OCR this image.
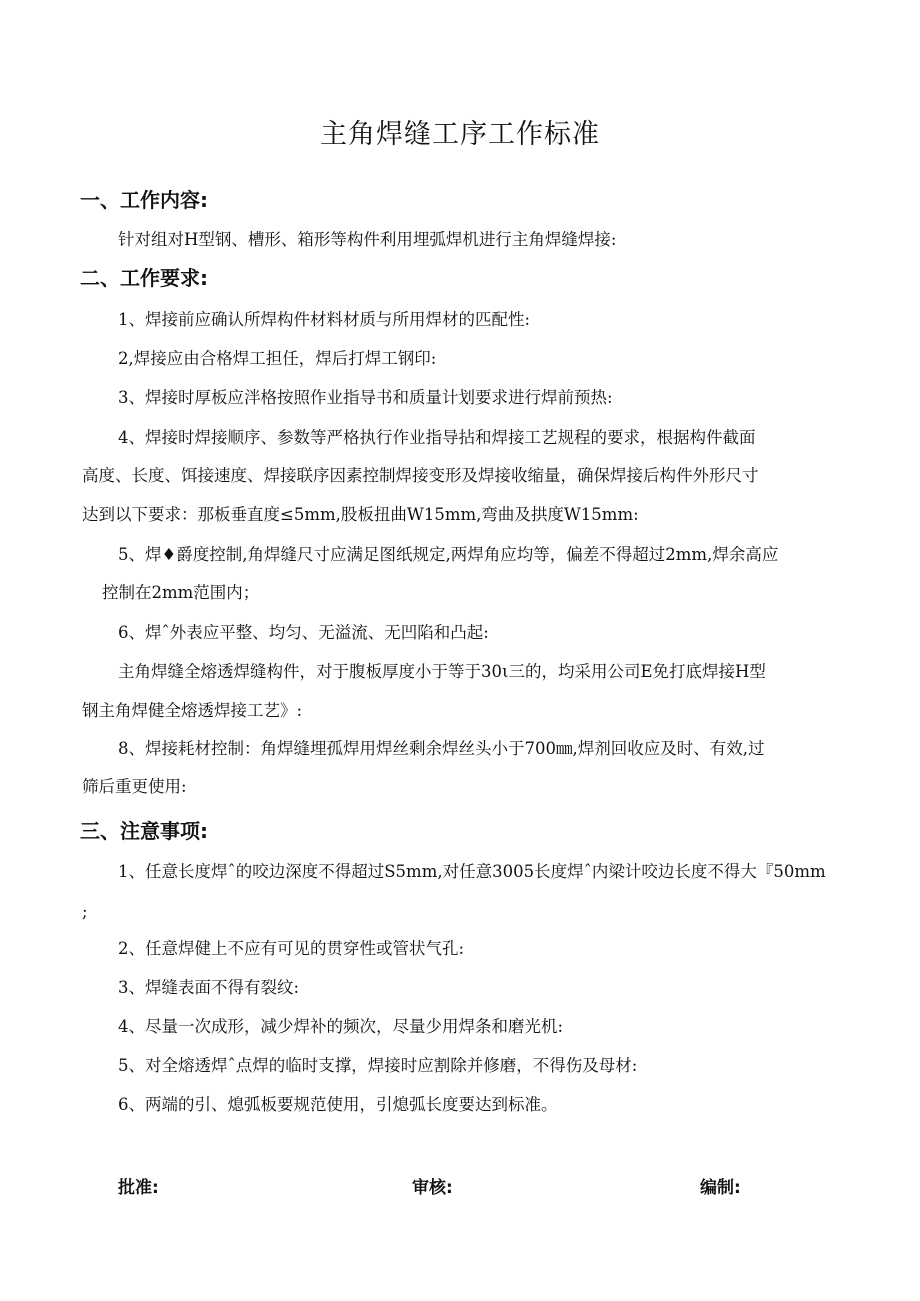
主角焊缝工序工作标准
一、工作内容:

针对组对H型钢、槽形、箱形等构件利用埋弧焊机进行主角焊缝焊接:

二、工作要求:

1、焊接前应确认所焊构件材料材质与所用焊材的匹配性:

2,焊接应由合格焊工担任，焊后打焊工钢印:

3、焊接时厚板应泮格按照作业指导书和质量计划要求进行焊前预热:

4、焊接时焊接顺序、参数等严格执行作业指导拈和焊接工艺规程的要求，根据构件截面

高度、长度、饵接速度、焊接联序因素控制焊接变形及焊接收缩量，确保焊接后构件外形尺寸

达到以下要求：那板垂直度≤5mm,股板扭曲W15mm,弯曲及拱度W15mm:

5、焊♦爵度控制,角焊缝尺寸应满足图纸规定,两焊角应均等，偏差不得超过2mm,焊余高应

控制在2mm范围内；

6、焊ˆ外表应平整、均匀、无溢流、无凹陷和凸起:

主角焊缝全熔透焊缝构件，对于腹板厚度小于等于30ι三的，均采用公司E免打底焊接H型

钢主角焊健全熔透焊接工艺》:

8、焊接耗材控制：角焊缝埋孤焊用焊丝剩余焊丝头小于700㎜,焊剂回收应及时、有效,过

筛后重更使用:

三、注意事项:

1、任意长度焊ˆ的咬边深度不得超过S5mm,对任意3005长度焊ˆ内梁计咬边长度不得大『50mm

;

2、任意焊健上不应有可见的贯穿性或管状气孔:

3、焊缝表面不得有裂纹:

4、尽量一次成形，减少焊补的频次，尽量少用焊条和磨光机:

5、对全熔透焊ˆ点焊的临时支撑，焊接时应割除并修磨，不得伤及母材:

6、两端的引、熄弧板要规范使用，引熄弧长度要达到标准。

批准:	审核:	编制:
